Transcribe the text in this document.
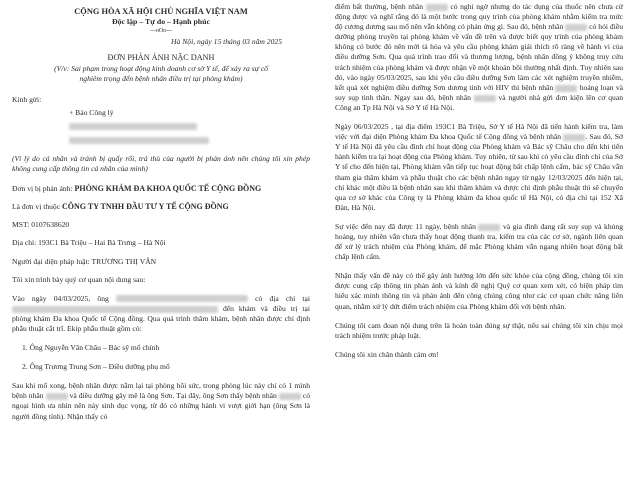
CỘNG HÒA XÃ HỘI CHỦ NGHĨA VIỆT NAM
Độc lập – Tự do – Hạnh phúc
---oOo---
Hà Nội, ngày 15 tháng 03 năm 2025
ĐƠN PHẢN ÁNH NẶC DANH
(V/v: Sai phạm trong hoạt động kinh doanh cơ sở Y tế, để xảy ra sự cố nghiêm trọng đến bệnh nhân điều trị tại phòng khám)
Kính gửi:
+ Bảo Công lý
(Vì lý do cá nhân và tránh bị quấy rối, trả thù của người bị phản ánh nên chúng tôi xin phép không cung cấp thông tin cá nhân của mình)
Đơn vị bị phản ánh: PHÒNG KHÁM ĐA KHOA QUỐC TẾ CỘNG ĐỒNG
Là đơn vị thuộc CÔNG TY TNHH ĐẦU TƯ Y TẾ CỘNG ĐỒNG
MST: 0107638620
Địa chỉ: 193C1 Bà Triệu – Hai Bà Trưng – Hà Nội
Người đại diện pháp luật: TRƯƠNG THỊ VÂN
Tôi xin trình bày quý cơ quan nội dung sau:

Vào ngày 04/03/2025, ông	có địa chỉ tại  đến khám và điều trị tại phòng khám Đa khoa Quốc tế Cộng đồng. Qua quá trình thăm khám, bệnh nhân được chỉ định phẫu thuật cắt trĩ. Ekip phẫu thuật gồm có:

1. Ông Nguyễn Văn Châu – Bác sỹ mổ chính
2. Ông Trương Trung Sơn – Điều dưỡng phụ mổ

Sau khi mổ xong, bệnh nhân được nằm lại tại phòng hồi sức, trong phòng lúc này chỉ có 1 mình bệnh nhân	và điều dưỡng gây mê là ông Sơn. Tại đây, ông Sơn thấy bệnh nhân	có ngoại hình ưa nhìn nên nảy sinh dục vọng, từ đó có những hành vi vượt giới hạn (ông Sơn là người đồng tính). Nhận thấy có

điểm bất thường, bệnh nhân	có nghi ngờ nhưng do tác dụng của thuốc nên chưa cử động được và nghĩ rằng đó là một bước trong quy trình của phòng khám nhằm kiểm tra mức độ cương dương sau mổ nên vẫn không có phản ứng gì. Sau đó, bệnh nhân	có hỏi điều dưỡng phòng truyền tại phòng khám về vấn đề trên và được biết quy trình của phòng khám không có bước đó nên mới tá hỏa và yêu cầu phòng khám giải thích rõ ràng về hành vi của điều dưỡng Sơn. Qua quá trình trao đổi và thương lượng, bệnh nhân đồng ý không truy cứu trách nhiệm của phòng khám và được nhận về một khoản bồi thường nhất định. Tuy nhiên sau đó, vào ngày 05/03/2025, sau khi yêu cầu điều dưỡng Sơn làm các xét nghiệm truyền nhiễm, kết quả xét nghiệm điều dưỡng Sơn dương tính với HIV thì bệnh nhân	hoảng loạn và suy sụp tinh thần. Ngay sau đó, bệnh nhân	và người nhà gửi đơn kiện lên cơ quan Công an Tp Hà Nội và Sở Y tế Hà Nội.

Ngày 06/03/2025 , tại địa điểm 193C1 Bà Triệu, Sở Y tế Hà Nội đã tiến hành kiểm tra, làm việc với đại diện Phòng khám Đa khoa Quốc tế Cộng đồng và bệnh nhân	. Sau đó, Sở Y tế Hà Nội đã yêu cầu đình chỉ hoạt động của Phòng khám và Bác sỹ Châu cho đến khi tiến hành kiểm tra lại hoạt động của Phòng khám. Tuy nhiên, từ sau khi có yêu cầu đình chỉ của Sở Y tế cho đến hiện tại, Phòng khám vẫn tiếp tục hoạt động bất chấp lệnh cấm, bác sỹ Châu vẫn tham gia thăm khám và phẫu thuật cho các bệnh nhân ngay từ ngày 12/03/2025 đến hiện tại, chỉ khác một điều là bệnh nhân sau khi thăm khám và được chỉ định phẫu thuật thì sẽ chuyển qua cơ sở khác của Công ty là Phòng khám đa khoa quốc tế Hà Nội, có địa chỉ tại 152 Xã Đàn, Hà Nội.

Sự việc đến nay đã được 11 ngày, bệnh nhân	và gia đình đang rất suy sụp và khủng hoảng, tuy nhiên vẫn chưa thấy hoạt động thanh tra, kiểm tra của các cơ sở, ngành liên quan để xử lý trách nhiệm của Phòng khám, để mặc Phòng khám vẫn ngang nhiên hoạt động bất chấp lệnh cấm.

Nhận thấy vấn đề này có thể gây ảnh hưởng lớn đến sức khỏe của cộng đồng, chúng tôi xin được cung cấp thông tin phản ánh và kính đề nghị Quý cơ quan xem xét, có biện pháp tìm hiểu xác minh thông tin và phản ánh đến công chúng cũng như các cơ quan chức năng liên quan, nhằm xử lý dứt điểm trách nhiệm của Phòng khám đối với bệnh nhân.

Chúng tôi cam đoan nội dung trên là hoàn toàn đúng sự thật, nếu sai chúng tôi xin chịu mọi trách nhiệm trước pháp luật.

Chúng tôi xin chân thành cảm ơn!
